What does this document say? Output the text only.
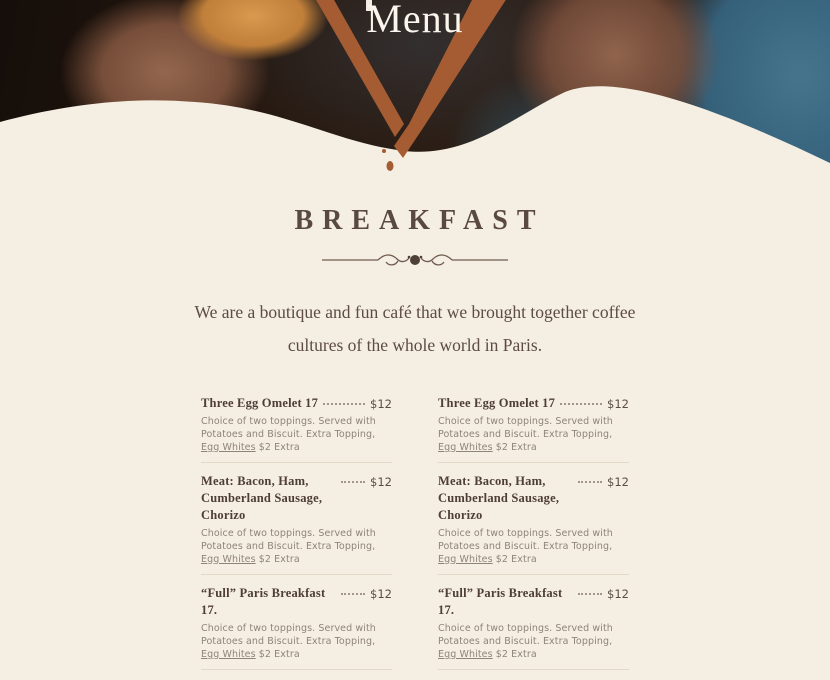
Menu
BREAKFAST

We are a boutique and fun café that we brought together coffee cultures of the whole world in Paris.

Three Egg Omelet 17	$12

Choice of two toppings. Served with Potatoes and Biscuit. Extra Topping, Egg Whites $2 Extra

Meat: Bacon, Ham, Cumberland Sausage, Chorizo
$12

Choice of two toppings. Served with Potatoes and Biscuit. Extra Topping, Egg Whites $2 Extra

“Full” Paris Breakfast 17.
$12

Choice of two toppings. Served with Potatoes and Biscuit. Extra Topping, Egg Whites $2 Extra

Three Egg Omelet 17	$12

Choice of two toppings. Served with Potatoes and Biscuit. Extra Topping, Egg Whites $2 Extra

Meat: Bacon, Ham, Cumberland Sausage, Chorizo
$12

Choice of two toppings. Served with Potatoes and Biscuit. Extra Topping, Egg Whites $2 Extra

“Full” Paris Breakfast 17.
$12

Choice of two toppings. Served with Potatoes and Biscuit. Extra Topping, Egg Whites $2 Extra
